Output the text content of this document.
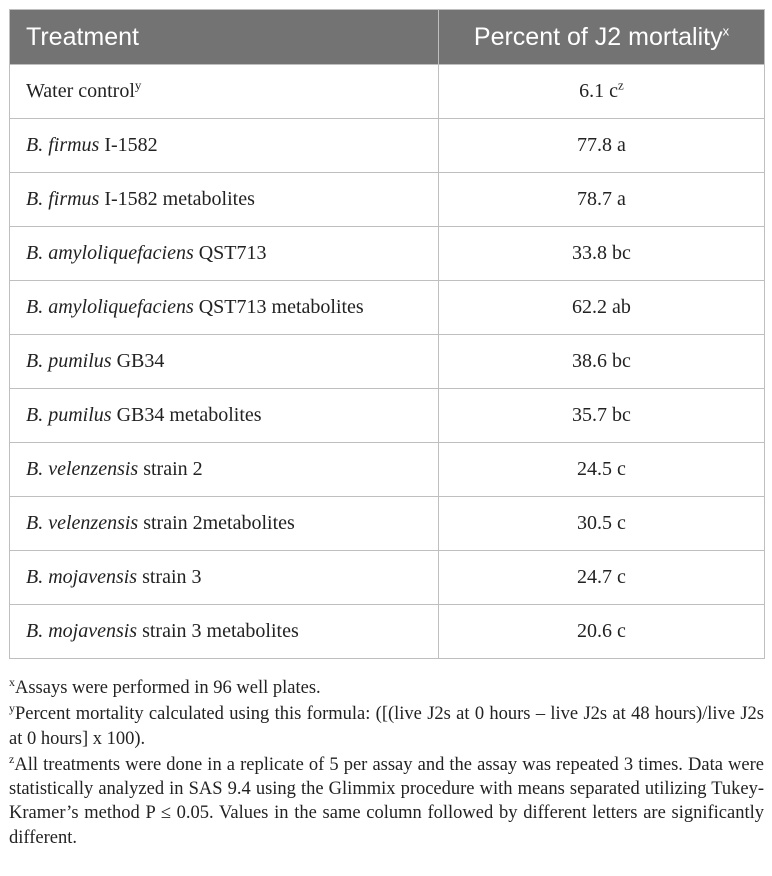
Treatment	Percent of J2 mortality$^x$
Water control$^y$	6.1 $c^z$
B. firmus I-1582	77.8 a
B. firmus I-1582 metabolites	78.7 a
B. amyloliquefaciens QST713	33.8 bc
B. amyloliquefaciens QST713 metabolites	62.2 ab
B. pumilus GB34	38.6 bc
B. pumilus GB34 metabolites	35.7 bc
B. velenzensis strain 2	24.5 c
B. velenzensis strain 2metabolites	30.5 c
B. mojavensis strain 3	24.7 c
B. mojavensis strain 3 metabolites	20.6 c

$^x$Assays were performed in 96 well plates.

$^y$Percent mortality calculated using this formula: ([(live J2s at 0 hours – live J2s at 48 hours)/live J2s at 0 hours] x 100).

$^z$All treatments were done in a replicate of 5 per assay and the assay was repeated 3 times. Data were statistically analyzed in SAS 9.4 using the Glimmix procedure with means separated utilizing Tukey-Kramer’s method P ≤ 0.05. Values in the same column followed by different letters are significantly different.
